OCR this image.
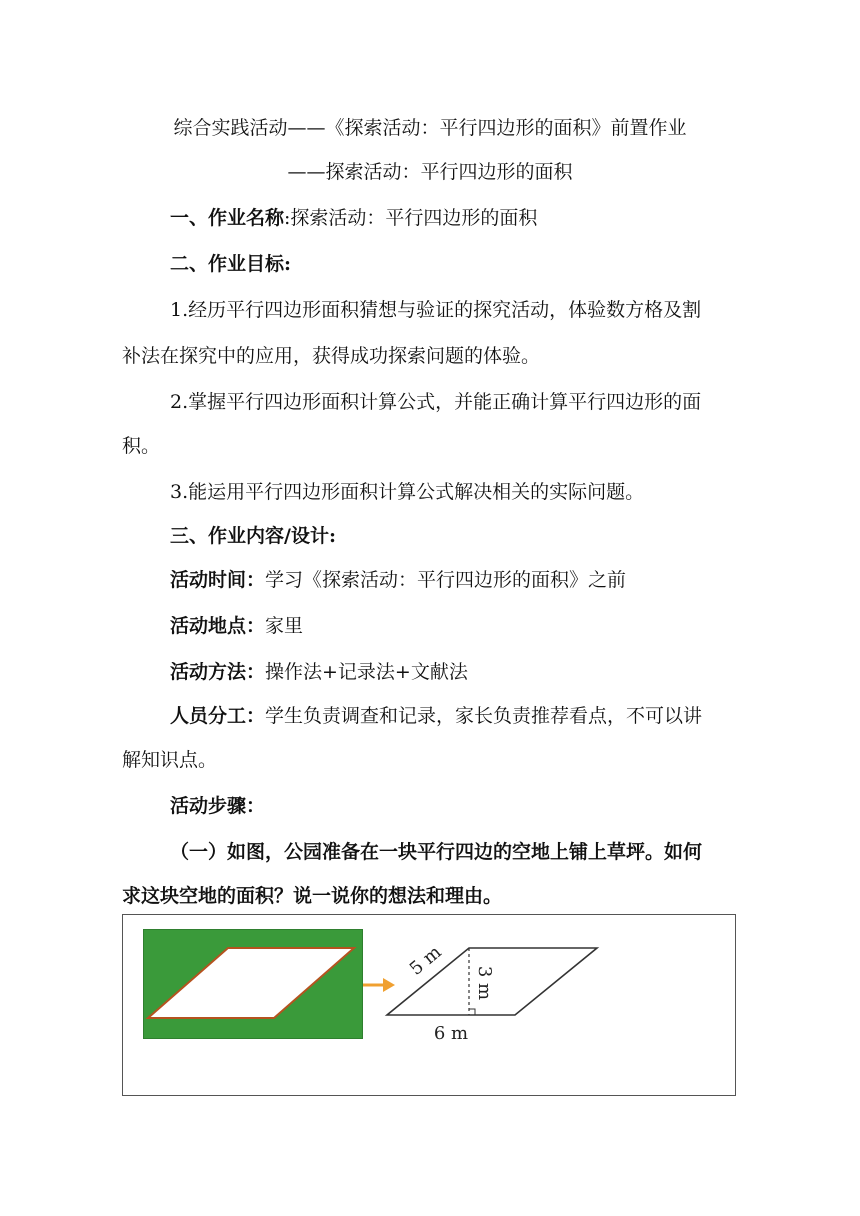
综合实践活动——《探索活动：平行四边形的面积》前置作业
——探索活动：平行四边形的面积
一、作业名称:探索活动：平行四边形的面积
二、作业目标:
1.经历平行四边形面积猜想与验证的探究活动，体验数方格及割
补法在探究中的应用，获得成功探索问题的体验。
2.掌握平行四边形面积计算公式，并能正确计算平行四边形的面
积。
3.能运用平行四边形面积计算公式解决相关的实际问题。
三、作业内容/设计:
活动时间：学习《探索活动：平行四边形的面积》之前
活动地点：家里
活动方法：操作法+记录法+文献法
人员分工：学生负责调查和记录，家长负责推荐看点，不可以讲
解知识点。
活动步骤：
（一）如图，公园准备在一块平行四边的空地上铺上草坪。如何
求这块空地的面积？说一说你的想法和理由。
5 m
3 m
6 m
